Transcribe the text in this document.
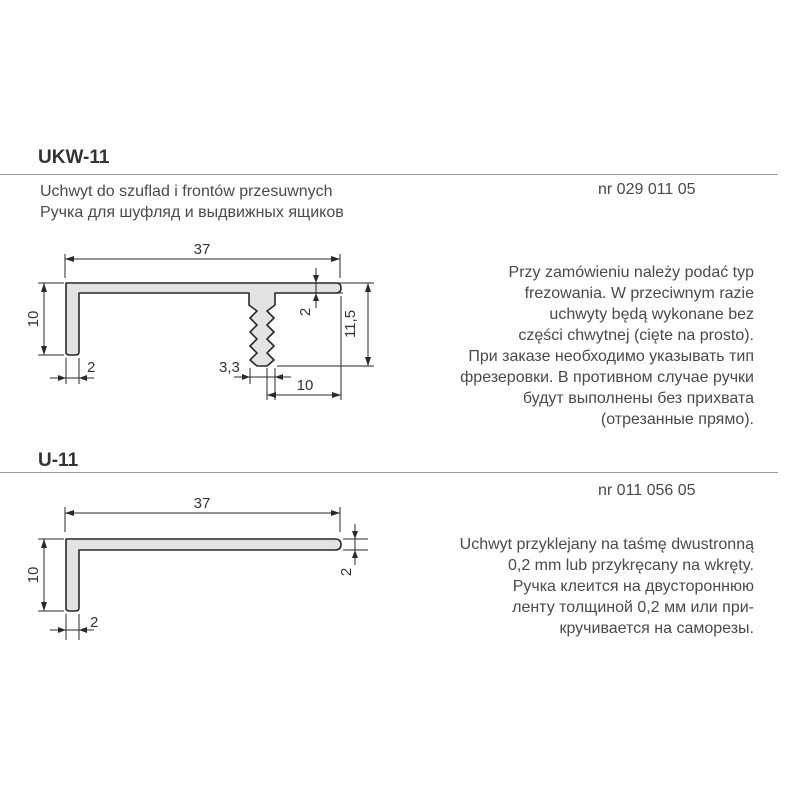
UKW-11
Uchwyt do szuflad i frontów przesuwnych
Ручка для шуфляд и выдвижных ящиков
nr 029 011 05
Przy zamówieniu należy podać typ
frezowania. W przeciwnym razie
uchwyty będą wykonane bez
części chwytnej (cięte na prosto).
При заказе необходимо указывать тип
фрезеровки. В противном случае ручки
будут выполнены без прихвата
(отрезанные прямо).
37
10
2
2 11,5
3,3
10
U-11
nr 011 056 05
Uchwyt przyklejany na taśmę dwustronną
0,2 mm lub przykręcany na wkręty.
Ручка клеится на двустороннюю
ленту толщиной 0,2 мм или при-
кручивается на саморезы.
37
10
2
2
